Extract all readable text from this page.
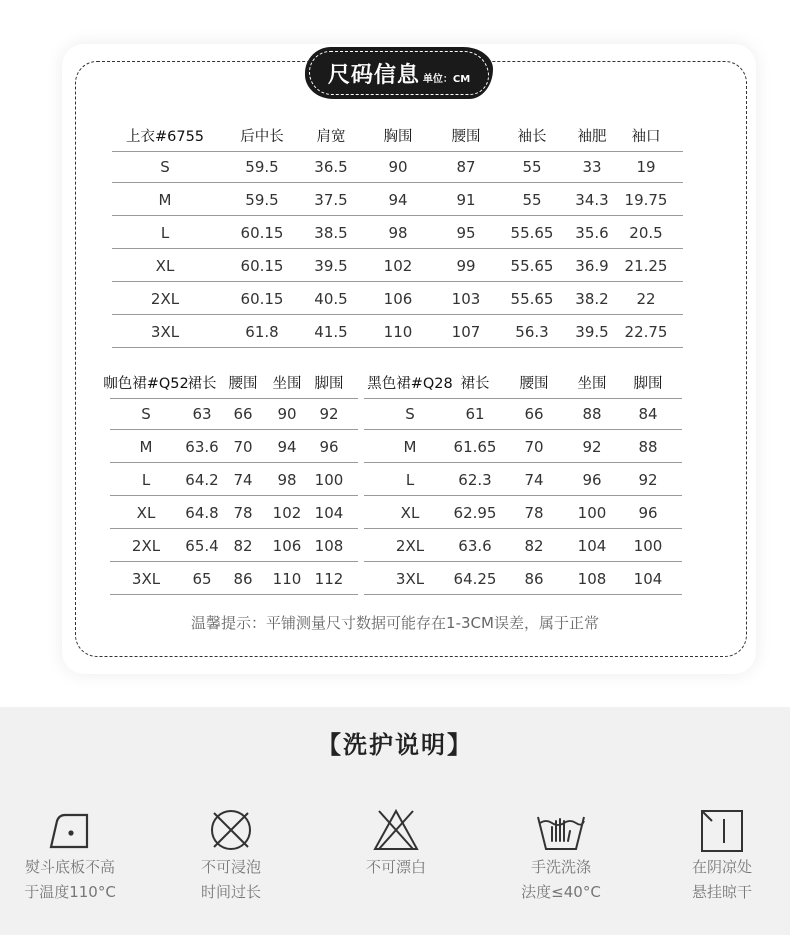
尺码信息 单位：CM
上衣#6755 后中长 肩宽	胸围	腰围	袖长 袖肥 袖口
S	59.5 36.5	90	87	55	33 19
M	59.5 37.5	94	91	55 34.3 19.75
L	60.15 38.5	98	95 55.65 35.6 20.5
XL	60.15 39.5 102	99 55.65 36.9 21.25
2XL	60.15 40.5 106	103 55.65 38.2 22
3XL	61.8 41.5 110	107 56.3 39.5 22.75
咖色裙#Q52
裙长 腰围 坐围 脚围
S	63 66 90 92
M 63.6 70 94 96
L 64.2 74 98 100
XL 64.8 78 102 104
2XL 65.4 82 106 108
3XL 65 86 110 112
黑色裙#Q28 裙长 腰围 坐围 脚围
S	61	66	88 84
M 61.65 70	92 88
L	62.3 74	96 92
XL 62.95 78 100 96
2XL 63.6 82 104 100
3XL 64.25 86 108 104
温馨提示：平铺测量尺寸数据可能存在1-3CM误差，属于正常
【洗护说明】
熨斗底板不高
于温度110°C
不可浸泡
时间过长
不可漂白	手洗洗涤
法度≤40°C
在阴凉处
悬挂晾干
